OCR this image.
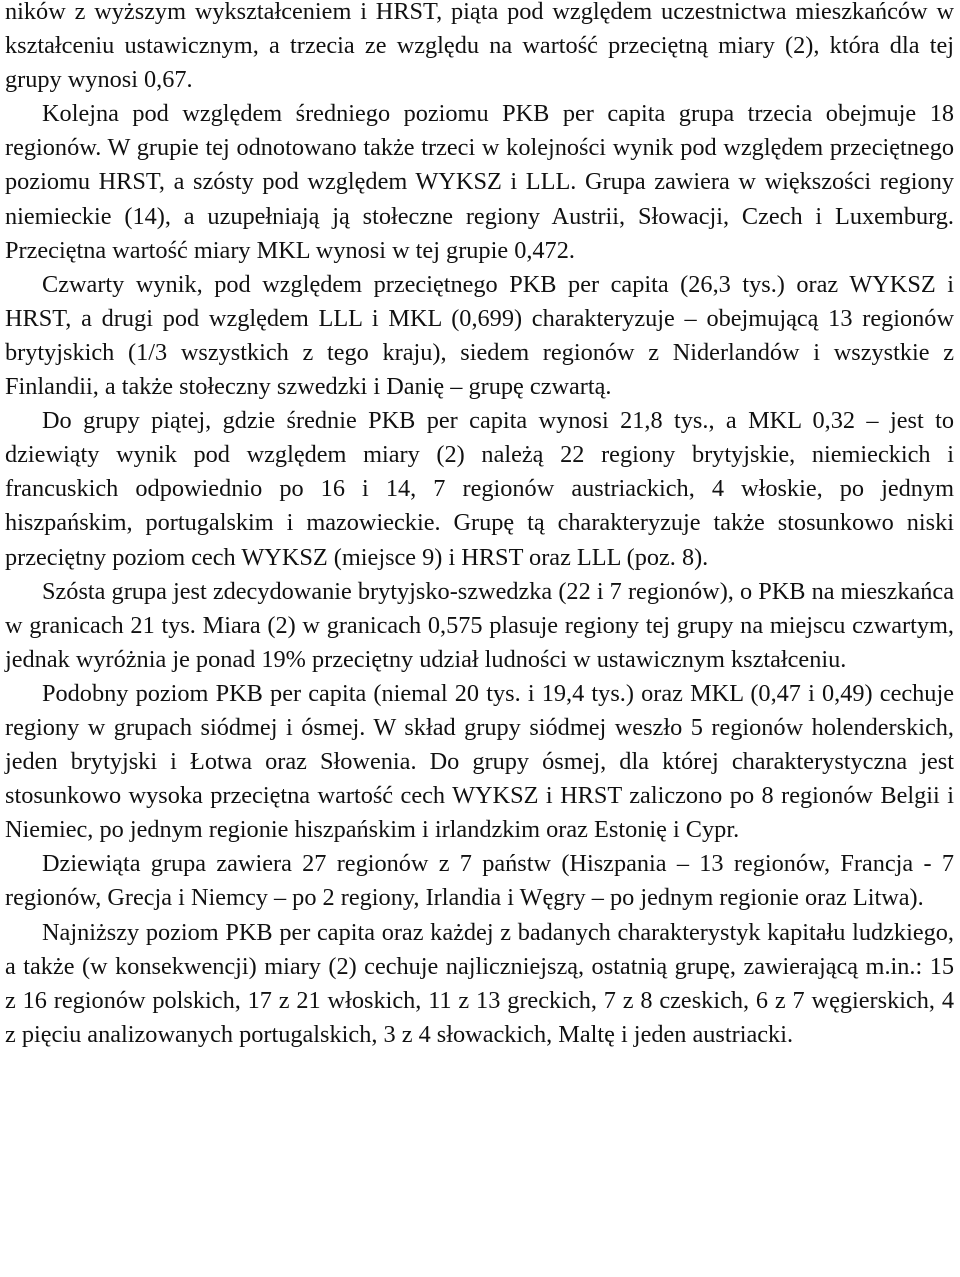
ników z wyższym wykształceniem i HRST, piąta pod względem uczestnictwa mieszkańców w kształceniu ustawicznym, a trzecia ze względu na wartość przeciętną miary (2), która dla tej grupy wynosi 0,67.

Kolejna pod względem średniego poziomu PKB per capita grupa trzecia obejmuje 18 regionów. W grupie tej odnotowano także trzeci w kolejności wynik pod względem przeciętnego poziomu HRST, a szósty pod względem WYKSZ i LLL. Grupa zawiera w większości regiony niemieckie (14), a uzupełniają ją stołeczne regiony Austrii, Słowacji, Czech i Luxemburg. Przeciętna wartość miary MKL wynosi w tej grupie 0,472.

Czwarty wynik, pod względem przeciętnego PKB per capita (26,3 tys.) oraz WYKSZ i HRST, a drugi pod względem LLL i MKL (0,699) charakteryzuje – obejmującą 13 regionów brytyjskich (1/3 wszystkich z tego kraju), siedem regionów z Niderlandów i wszystkie z Finlandii, a także stołeczny szwedzki i Danię – grupę czwartą.

Do grupy piątej, gdzie średnie PKB per capita wynosi 21,8 tys., a MKL 0,32 – jest to dziewiąty wynik pod względem miary (2) należą 22 regiony brytyjskie, niemieckich i francuskich odpowiednio po 16 i 14, 7 regionów austriackich, 4 włoskie, po jednym hiszpańskim, portugalskim i mazowieckie. Grupę tą charakteryzuje także stosunkowo niski przeciętny poziom cech WYKSZ (miejsce 9) i HRST oraz LLL (poz. 8).

Szósta grupa jest zdecydowanie brytyjsko-szwedzka (22 i 7 regionów), o PKB na mieszkańca w granicach 21 tys. Miara (2) w granicach 0,575 plasuje regiony tej grupy na miejscu czwartym, jednak wyróżnia je ponad 19% przeciętny udział ludności w ustawicznym kształceniu.

Podobny poziom PKB per capita (niemal 20 tys. i 19,4 tys.) oraz MKL (0,47 i 0,49) cechuje regiony w grupach siódmej i ósmej. W skład grupy siódmej weszło 5 regionów holenderskich, jeden brytyjski i Łotwa oraz Słowenia. Do grupy ósmej, dla której charakterystyczna jest stosunkowo wysoka przeciętna wartość cech WYKSZ i HRST zaliczono po 8 regionów Belgii i Niemiec, po jednym regionie hiszpańskim i irlandzkim oraz Estonię i Cypr.

Dziewiąta grupa zawiera 27 regionów z 7 państw (Hiszpania – 13 regionów, Francja - 7 regionów, Grecja i Niemcy – po 2 regiony, Irlandia i Węgry – po jednym regionie oraz Litwa).

Najniższy poziom PKB per capita oraz każdej z badanych charakterystyk kapitału ludzkiego, a także (w konsekwencji) miary (2) cechuje najliczniejszą, ostatnią grupę, zawierającą m.in.: 15 z 16 regionów polskich, 17 z 21 włoskich, 11 z 13 greckich, 7 z 8 czeskich, 6 z 7 węgierskich, 4 z pięciu analizowanych portugalskich, 3 z 4 słowackich, Maltę i jeden austriacki.
